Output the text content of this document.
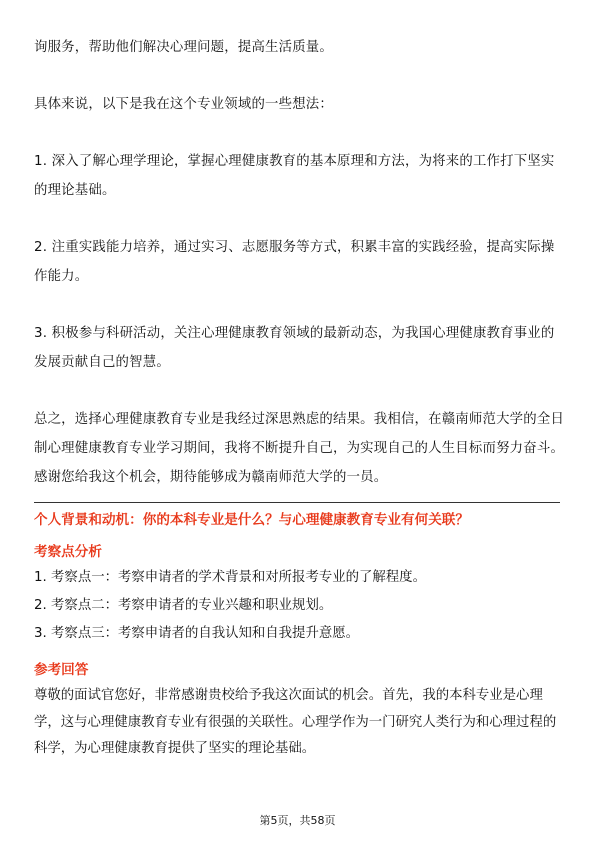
询服务，帮助他们解决心理问题，提高生活质量。

具体来说，以下是我在这个专业领域的一些想法：

1. 深入了解心理学理论，掌握心理健康教育的基本原理和方法，为将来的工作打下坚实的理论基础。

2. 注重实践能力培养，通过实习、志愿服务等方式，积累丰富的实践经验，提高实际操作能力。

3. 积极参与科研活动，关注心理健康教育领域的最新动态，为我国心理健康教育事业的发展贡献自己的智慧。

总之，选择心理健康教育专业是我经过深思熟虑的结果。我相信，在赣南师范大学的全日制心理健康教育专业学习期间，我将不断提升自己，为实现自己的人生目标而努力奋斗。感谢您给我这个机会，期待能够成为赣南师范大学的一员。

个人背景和动机：你的本科专业是什么？与心理健康教育专业有何关联？

考察点分析

1. 考察点一：考察申请者的学术背景和对所报考专业的了解程度。

2. 考察点二：考察申请者的专业兴趣和职业规划。

3. 考察点三：考察申请者的自我认知和自我提升意愿。

参考回答

尊敬的面试官您好，非常感谢贵校给予我这次面试的机会。首先，我的本科专业是心理学，这与心理健康教育专业有很强的关联性。心理学作为一门研究人类行为和心理过程的科学，为心理健康教育提供了坚实的理论基础。

第5页，共58页
